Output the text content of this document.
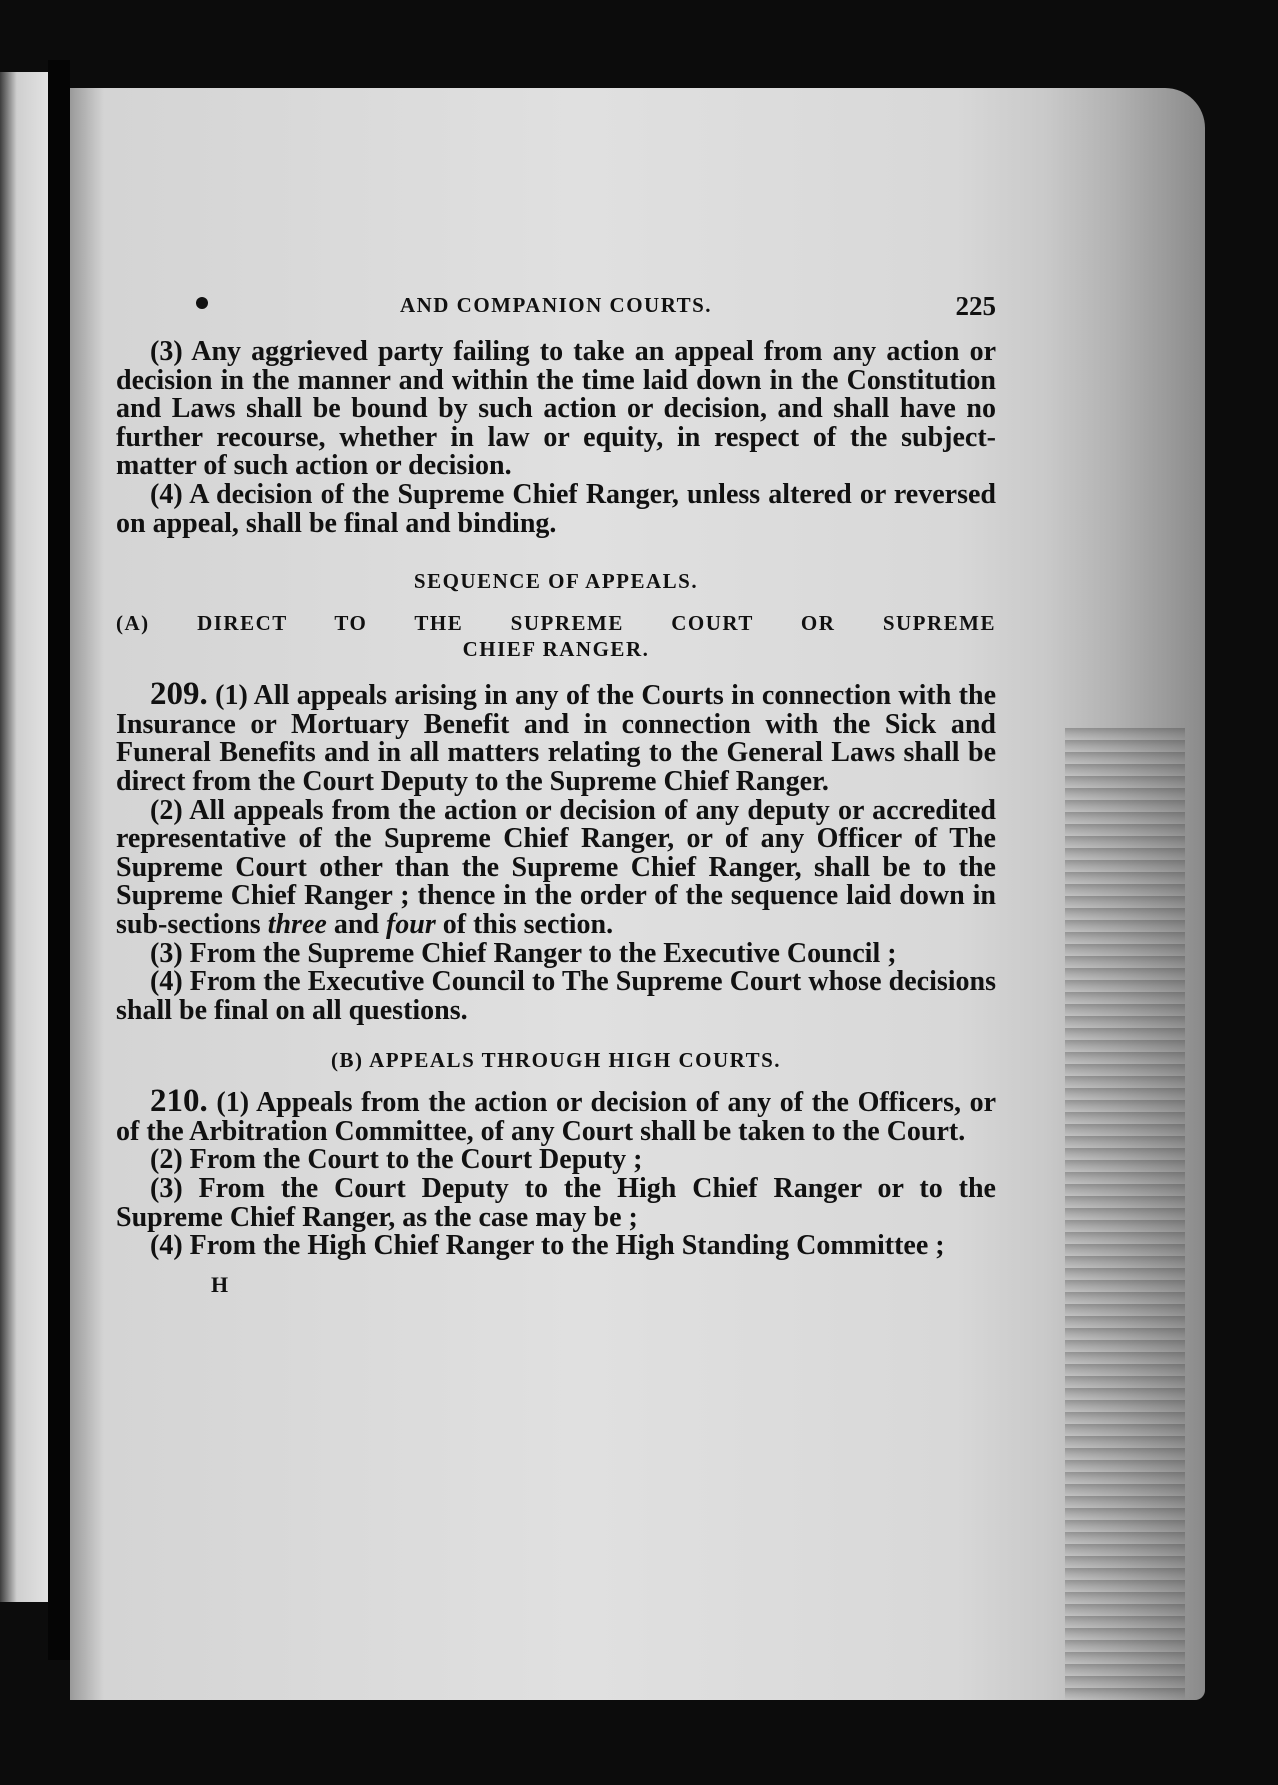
AND COMPANION COURTS.	225

(3) Any aggrieved party failing to take an appeal from any action or decision in the manner and within the time laid down in the Constitution and Laws shall be bound by such action or decision, and shall have no further recourse, whether in law or equity, in respect of the subject-matter of such action or decision.

(4) A decision of the Supreme Chief Ranger, unless altered or reversed on appeal, shall be final and binding.

SEQUENCE OF APPEALS.

(A) DIRECT TO THE SUPREME COURT OR SUPREME

CHIEF RANGER.

209. (1) All appeals arising in any of the Courts in connection with the Insurance or Mortuary Benefit and in connection with the Sick and Funeral Benefits and in all matters relating to the General Laws shall be direct from the Court Deputy to the Supreme Chief Ranger.

(2) All appeals from the action or decision of any deputy or accredited representative of the Supreme Chief Ranger, or of any Officer of The Supreme Court other than the Supreme Chief Ranger, shall be to the Supreme Chief Ranger ; thence in the order of the sequence laid down in sub-sections three and four of this section.

(3) From the Supreme Chief Ranger to the Executive Council ;

(4) From the Executive Council to The Supreme Court whose decisions shall be final on all questions.

(B) APPEALS THROUGH HIGH COURTS.

210. (1) Appeals from the action or decision of any of the Officers, or of the Arbitration Committee, of any Court shall be taken to the Court.

(2) From the Court to the Court Deputy ;

(3) From the Court Deputy to the High Chief Ranger or to the Supreme Chief Ranger, as the case may be ;

(4) From the High Chief Ranger to the High Standing Committee ;

H
